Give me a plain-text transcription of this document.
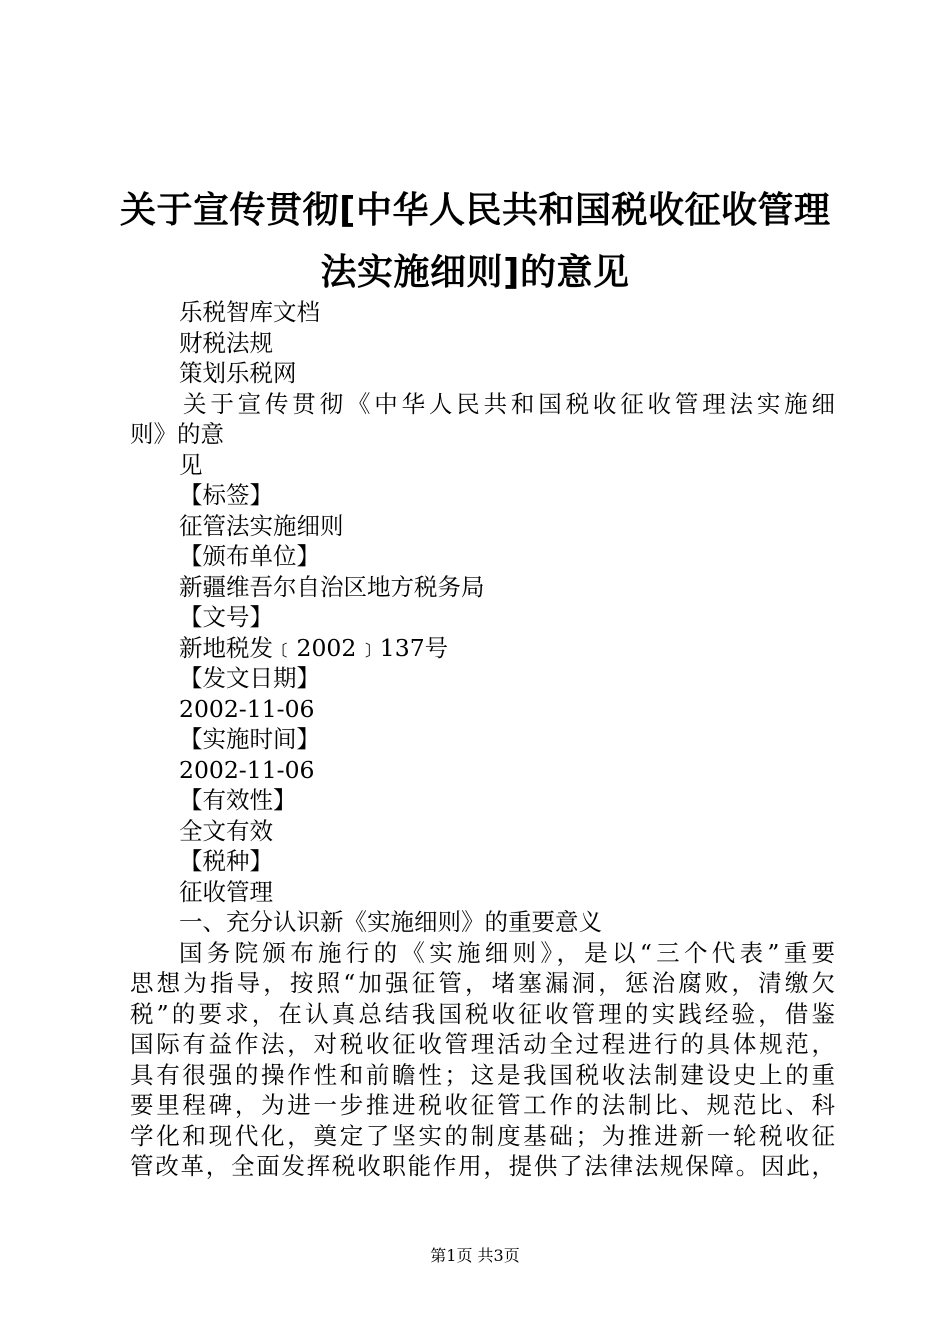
关于宣传贯彻[中华人民共和国税收征收管理
法实施细则]的意见
乐税智库文档
财税法规
策划乐税网
关于宣传贯彻《中华人民共和国税收征收管理法实施细
则》的意
见
【标签】
征管法实施细则
【颁布单位】
新疆维吾尔自治区地方税务局
【文号】
新地税发﹝2002﹞137号
【发文日期】
2002-11-06
【实施时间】
2002-11-06
【有效性】
全文有效
【税种】
征收管理
一、充分认识新《实施细则》的重要意义
国务院颁布施行的《实施细则》，是以“三个代表”重要
思想为指导，按照“加强征管，堵塞漏洞，惩治腐败，清缴欠
税”的要求，在认真总结我国税收征收管理的实践经验，借鉴
国际有益作法，对税收征收管理活动全过程进行的具体规范，
具有很强的操作性和前瞻性；这是我国税收法制建设史上的重
要里程碑，为进一步推进税收征管工作的法制比、规范比、科
学化和现代化，奠定了坚实的制度基础；为推进新一轮税收征
管改革，全面发挥税收职能作用，提供了法律法规保障。因此，
第1页 共3页
